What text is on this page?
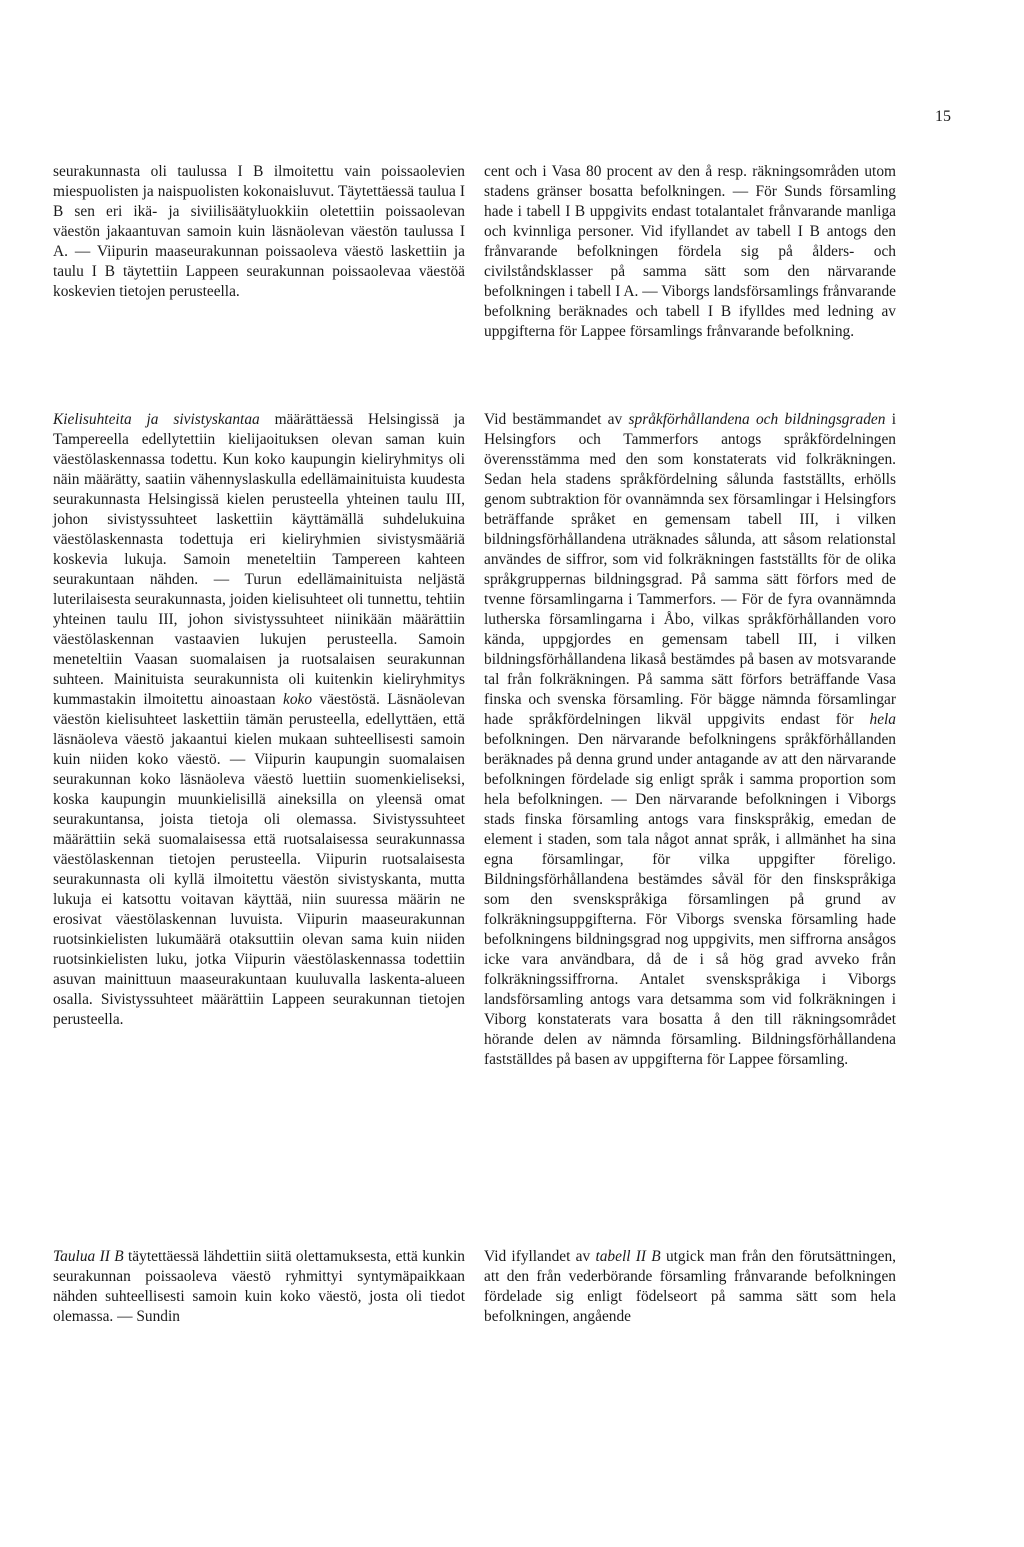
15

seurakunnasta oli taulussa I B ilmoitettu vain poissaolevien miespuolisten ja naispuolisten kokonaisluvut. Täytettäessä taulua I B sen eri ikä- ja siviilisäätyluokkiin oletettiin poissaolevan väestön jakaantuvan samoin kuin läsnäolevan väestön taulussa I A. — Viipurin maaseurakunnan poissaoleva väestö laskettiin ja taulu I B täytettiin Lappeen seurakunnan poissaolevaa väestöä koskevien tietojen perusteella.

Kielisuhteita ja sivistyskantaa määrättäessä Helsingissä ja Tampereella edellytettiin kielijaoituksen olevan saman kuin väestölaskennassa todettu. Kun koko kaupungin kieliryhmitys oli näin määrätty, saatiin vähennyslaskulla edellämainituista kuudesta seurakunnasta Helsingissä kielen perusteella yhteinen taulu III, johon sivistyssuhteet laskettiin käyttämällä suhdelukuina väestölaskennasta todettuja eri kieliryhmien sivistysmääriä koskevia lukuja. Samoin meneteltiin Tampereen kahteen seurakuntaan nähden. — Turun edellämainituista neljästä luterilaisesta seurakunnasta, joiden kielisuhteet oli tunnettu, tehtiin yhteinen taulu III, johon sivistyssuhteet niinikään määrättiin väestölaskennan vastaavien lukujen perusteella. Samoin meneteltiin Vaasan suomalaisen ja ruotsalaisen seurakunnan suhteen. Mainituista seurakunnista oli kuitenkin kieliryhmitys kummastakin ilmoitettu ainoastaan koko väestöstä. Läsnäolevan väestön kielisuhteet laskettiin tämän perusteella, edellyttäen, että läsnäoleva väestö jakaantui kielen mukaan suhteellisesti samoin kuin niiden koko väestö. — Viipurin kaupungin suomalaisen seurakunnan koko läsnäoleva väestö luettiin suomenkieliseksi, koska kaupungin muunkielisillä aineksilla on yleensä omat seurakuntansa, joista tietoja oli olemassa. Sivistyssuhteet määrättiin sekä suomalaisessa että ruotsalaisessa seurakunnassa väestölaskennan tietojen perusteella. Viipurin ruotsalaisesta seurakunnasta oli kyllä ilmoitettu väestön sivistyskanta, mutta lukuja ei katsottu voitavan käyttää, niin suuressa määrin ne erosivat väestölaskennan luvuista. Viipurin maaseurakunnan ruotsinkielisten lukumäärä otaksuttiin olevan sama kuin niiden ruotsinkielisten luku, jotka Viipurin väestölaskennassa todettiin asuvan mainittuun maaseurakuntaan kuuluvalla laskenta-alueen osalla. Sivistyssuhteet määrättiin Lappeen seurakunnan tietojen perusteella.

Taulua II B täytettäessä lähdettiin siitä olettamuksesta, että kunkin seurakunnan poissaoleva väestö ryhmittyi syntymäpaikkaan nähden suhteellisesti samoin kuin koko väestö, josta oli tiedot olemassa. — Sundin

cent och i Vasa 80 procent av den å resp. räkningsområden utom stadens gränser bosatta befolkningen. — För Sunds församling hade i tabell I B uppgivits endast totalantalet frånvarande manliga och kvinnliga personer. Vid ifyllandet av tabell I B antogs den frånvarande befolkningen fördela sig på ålders- och civilståndsklasser på samma sätt som den närvarande befolkningen i tabell I A. — Viborgs landsförsamlings frånvarande befolkning beräknades och tabell I B ifylldes med ledning av uppgifterna för Lappee församlings frånvarande befolkning.

Vid bestämmandet av språkförhållandena och bildningsgraden i Helsingfors och Tammerfors antogs språkfördelningen överensstämma med den som konstaterats vid folkräkningen. Sedan hela stadens språkfördelning sålunda fastställts, erhölls genom subtraktion för ovannämnda sex församlingar i Helsingfors beträffande språket en gemensam tabell III, i vilken bildningsförhållandena uträknades sålunda, att såsom relationstal användes de siffror, som vid folkräkningen fastställts för de olika språkgruppernas bildningsgrad. På samma sätt förfors med de tvenne församlingarna i Tammerfors. — För de fyra ovannämnda lutherska församlingarna i Åbo, vilkas språkförhållanden voro kända, uppgjordes en gemensam tabell III, i vilken bildningsförhållandena likaså bestämdes på basen av motsvarande tal från folkräkningen. På samma sätt förfors beträffande Vasa finska och svenska församling. För bägge nämnda församlingar hade språkfördelningen likväl uppgivits endast för hela befolkningen. Den närvarande befolkningens språkförhållanden beräknades på denna grund under antagande av att den närvarande befolkningen fördelade sig enligt språk i samma proportion som hela befolkningen. — Den närvarande befolkningen i Viborgs stads finska församling antogs vara finskspråkig, emedan de element i staden, som tala något annat språk, i allmänhet ha sina egna församlingar, för vilka uppgifter föreligo. Bildningsförhållandena bestämdes såväl för den finskspråkiga som den svenskspråkiga församlingen på grund av folkräkningsuppgifterna. För Viborgs svenska församling hade befolkningens bildningsgrad nog uppgivits, men siffrorna ansågos icke vara användbara, då de i så hög grad avveko från folkräkningssiffrorna. Antalet svenskspråkiga i Viborgs landsförsamling antogs vara detsamma som vid folkräkningen i Viborg konstaterats vara bosatta å den till räkningsområdet hörande delen av nämnda församling. Bildningsförhållandena fastställdes på basen av uppgifterna för Lappee församling.

Vid ifyllandet av tabell II B utgick man från den förutsättningen, att den från vederbörande församling frånvarande befolkningen fördelade sig enligt födelseort på samma sätt som hela befolkningen, angående
